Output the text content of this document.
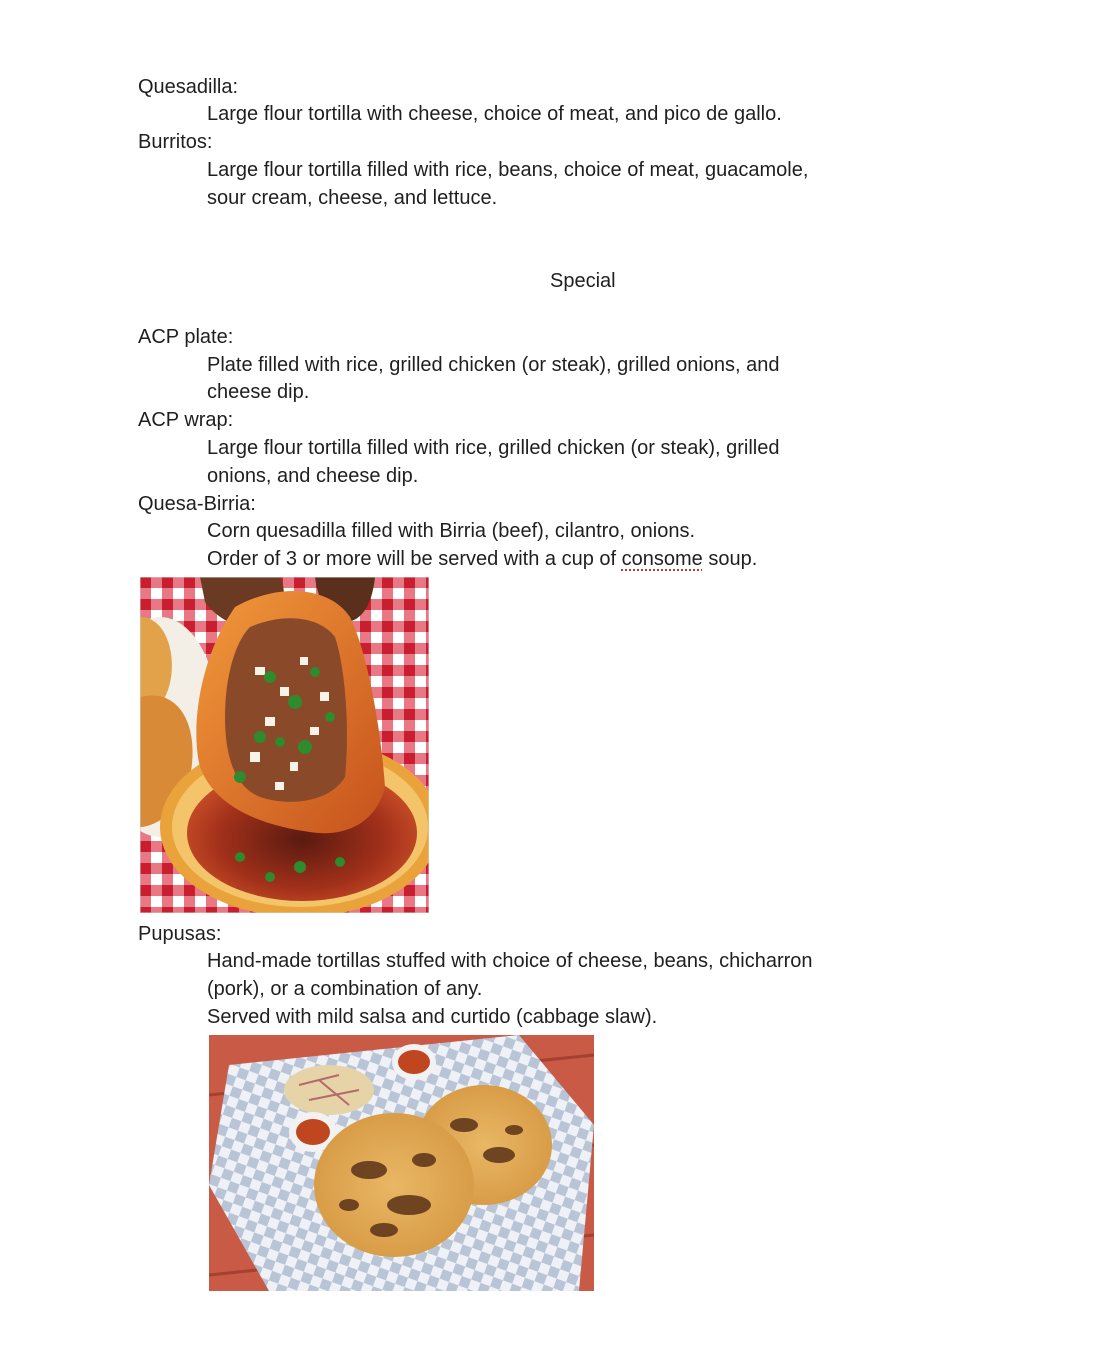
Quesadilla:
Large flour tortilla with cheese, choice of meat, and pico de gallo.
Burritos:
Large flour tortilla filled with rice, beans, choice of meat, guacamole,
sour cream, cheese, and lettuce.
Special
ACP plate:
Plate filled with rice, grilled chicken (or steak), grilled onions, and
cheese dip.
ACP wrap:
Large flour tortilla filled with rice, grilled chicken (or steak), grilled
onions, and cheese dip.
Quesa-Birria:
Corn quesadilla filled with Birria (beef), cilantro, onions.
Order of 3 or more will be served with a cup of consome soup.
Pupusas:
Hand-made tortillas stuffed with choice of cheese, beans, chicharron
(pork), or a combination of any.
Served with mild salsa and curtido (cabbage slaw).
